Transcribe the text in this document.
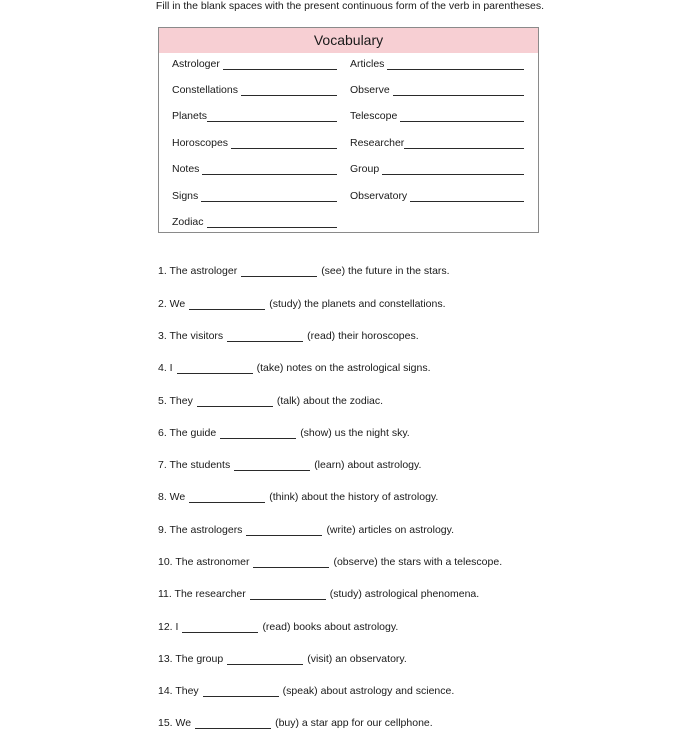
Fill in the blank spaces with the present continuous form of the verb in parentheses.
Vocabulary
Astrologer
Constellations
Planets
Horoscopes
Notes
Signs
Zodiac
Articles
Observe
Telescope
Researcher
Group
Observatory
1. The astrologer	(see) the future in the stars.
2. We	(study) the planets and constellations.
3. The visitors	(read) their horoscopes.
4. I	(take) notes on the astrological signs.
5. They	(talk) about the zodiac.
6. The guide	(show) us the night sky.
7. The students	(learn) about astrology.
8. We	(think) about the history of astrology.
9. The astrologers	(write) articles on astrology.
10. The astronomer	(observe) the stars with a telescope.
11. The researcher	(study) astrological phenomena.
12. I	(read) books about astrology.
13. The group	(visit) an observatory.
14. They	(speak) about astrology and science.
15. We	(buy) a star app for our cellphone.
